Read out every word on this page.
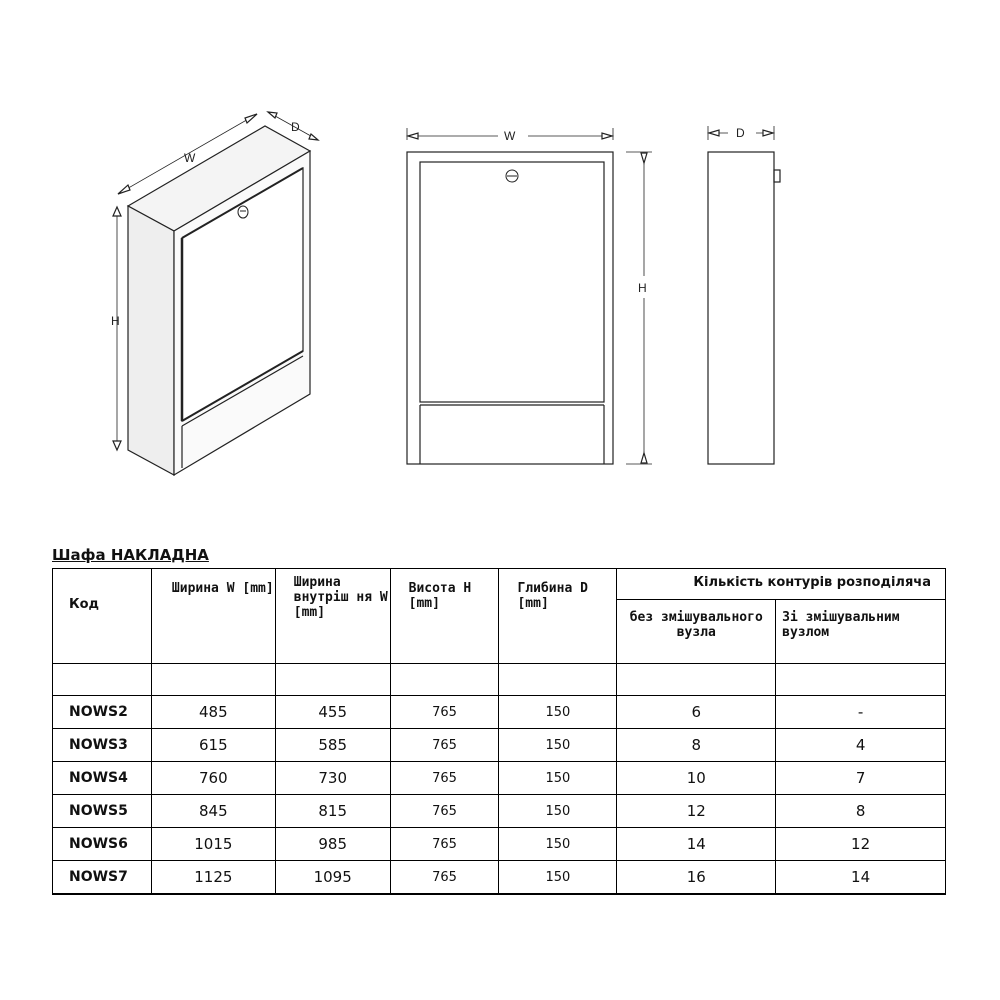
W
D
H
W
H
D
Шафа НАКЛАДНА
Код	Ширина W [mm]	Ширина внутріш ня W [mm]	Висота Н [mm]	Глибина D [mm]	Кількість контурів розподіляча	
					без змішувального вузла	Зі змішувальним вузлом

NOWS2	485	455	765	150	6	-
NOWS3	615	585	765	150	8	4
NOWS4	760	730	765	150	10	7
NOWS5	845	815	765	150	12	8
NOWS6	1015	985	765	150	14	12
NOWS7	1125	1095	765	150	16	14
